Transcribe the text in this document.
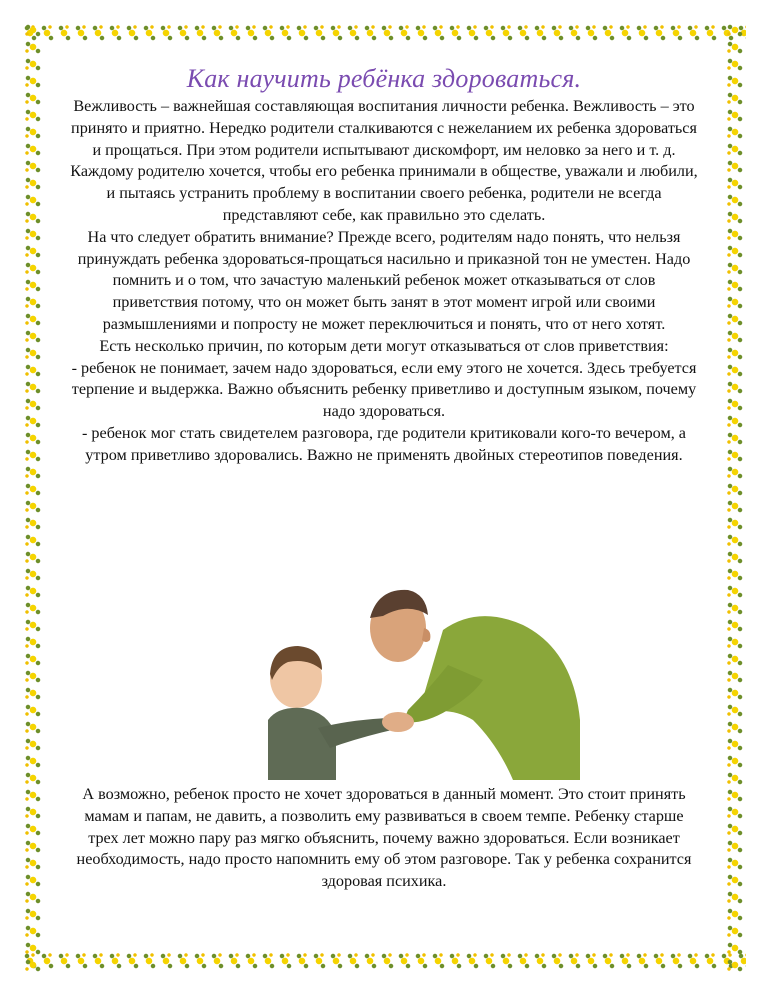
Как научить ребёнка здороваться.

Вежливость – важнейшая составляющая воспитания личности ребенка. Вежливость – это принято и приятно. Нередко родители сталкиваются с нежеланием их ребенка здороваться и прощаться. При этом родители испытывают дискомфорт, им неловко за него и т. д. Каждому родителю хочется, чтобы его ребенка принимали в обществе, уважали и любили, и пытаясь устранить проблему в воспитании своего ребенка, родители не всегда представляют себе, как правильно это сделать.

На что следует обратить внимание? Прежде всего, родителям надо понять, что нельзя принуждать ребенка здороваться-прощаться насильно и приказной тон не уместен. Надо помнить и о том, что зачастую маленький ребенок может отказываться от слов приветствия потому, что он может быть занят в этот момент игрой или своими размышлениями и попросту не может переключиться и понять, что от него хотят.

Есть несколько причин, по которым дети могут отказываться от слов приветствия:

- ребенок не понимает, зачем надо здороваться, если ему этого не хочется. Здесь требуется терпение и выдержка. Важно объяснить ребенку приветливо и доступным языком, почему надо здороваться.

- ребенок мог стать свидетелем разговора, где родители критиковали кого-то вечером, а утром приветливо здоровались. Важно не применять двойных стереотипов поведения.

А возможно, ребенок просто не хочет здороваться в данный момент. Это стоит принять мамам и папам, не давить, а позволить ему развиваться в своем темпе. Ребенку старше трех лет можно пару раз мягко объяснить, почему важно здороваться. Если возникает необходимость, надо просто напомнить ему об этом разговоре. Так у ребенка сохранится здоровая психика.
